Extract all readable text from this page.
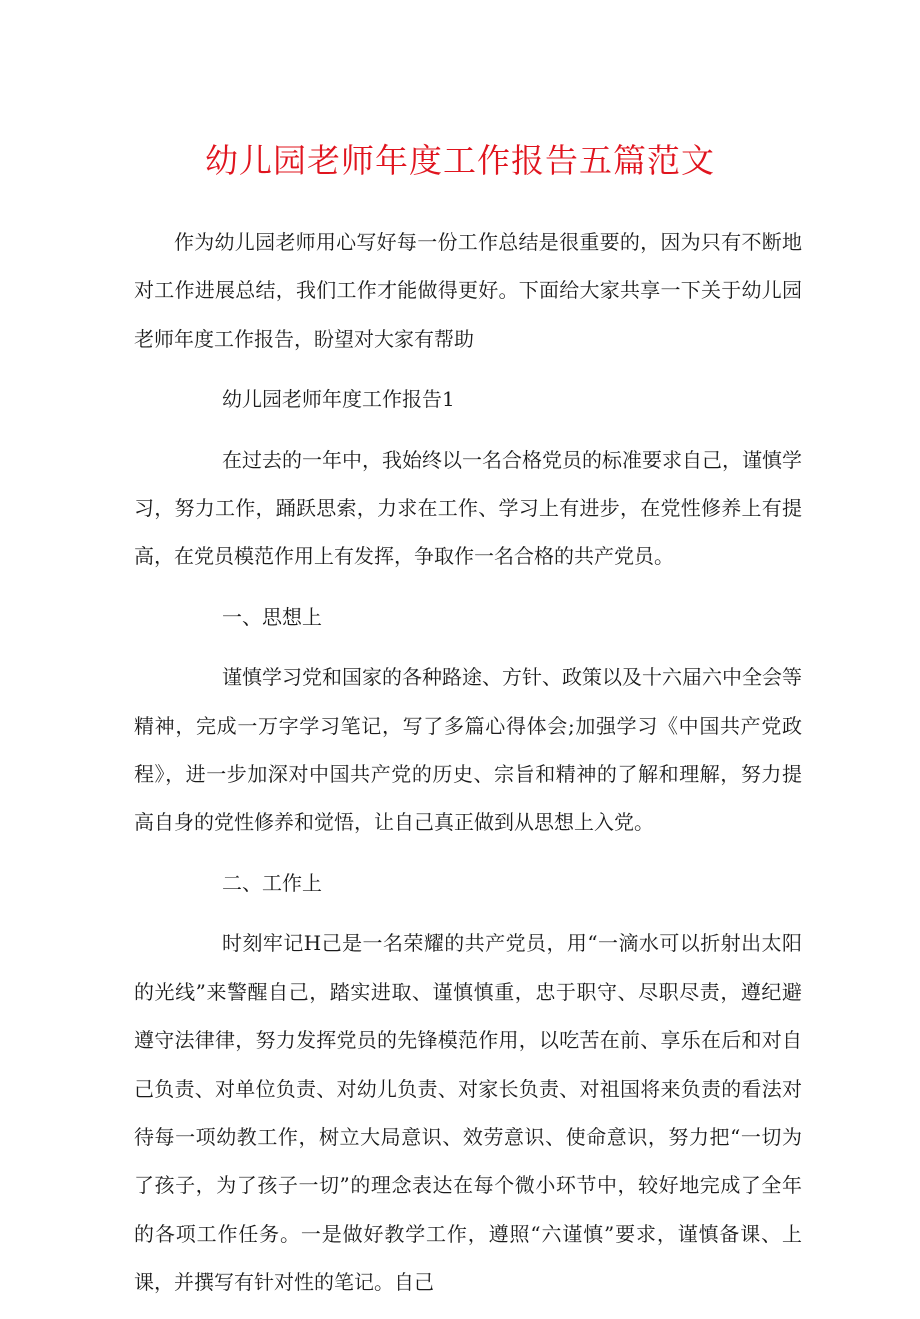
幼儿园老师年度工作报告五篇范文

作为幼儿园老师用心写好每一份工作总结是很重要的，因为只有不断地对工作进展总结，我们工作才能做得更好。下面给大家共享一下关于幼儿园老师年度工作报告，盼望对大家有帮助

幼儿园老师年度工作报告1

在过去的一年中，我始终以一名合格党员的标准要求自己，谨慎学习，努力工作，踊跃思索，力求在工作、学习上有进步，在党性修养上有提高，在党员模范作用上有发挥，争取作一名合格的共产党员。

一、思想上

谨慎学习党和国家的各种路途、方针、政策以及十六届六中全会等精神，完成一万字学习笔记，写了多篇心得体会;加强学习《中国共产党政程》，进一步加深对中国共产党的历史、宗旨和精神的了解和理解，努力提高自身的党性修养和觉悟，让自己真正做到从思想上入党。

二、工作上

时刻牢记H己是一名荣耀的共产党员，用“一滴水可以折射出太阳的光线”来警醒自己，踏实进取、谨慎慎重，忠于职守、尽职尽责，遵纪避遵守法律律，努力发挥党员的先锋模范作用，以吃苦在前、享乐在后和对自己负责、对单位负责、对幼儿负责、对家长负责、对祖国将来负责的看法对待每一项幼教工作，树立大局意识、效劳意识、使命意识，努力把“一切为了孩子，为了孩子一切”的理念表达在每个微小环节中，较好地完成了全年的各项工作任务。一是做好教学工作，遵照“六谨慎”要求，谨慎备课、上课，并撰写有针对性的笔记。自己
